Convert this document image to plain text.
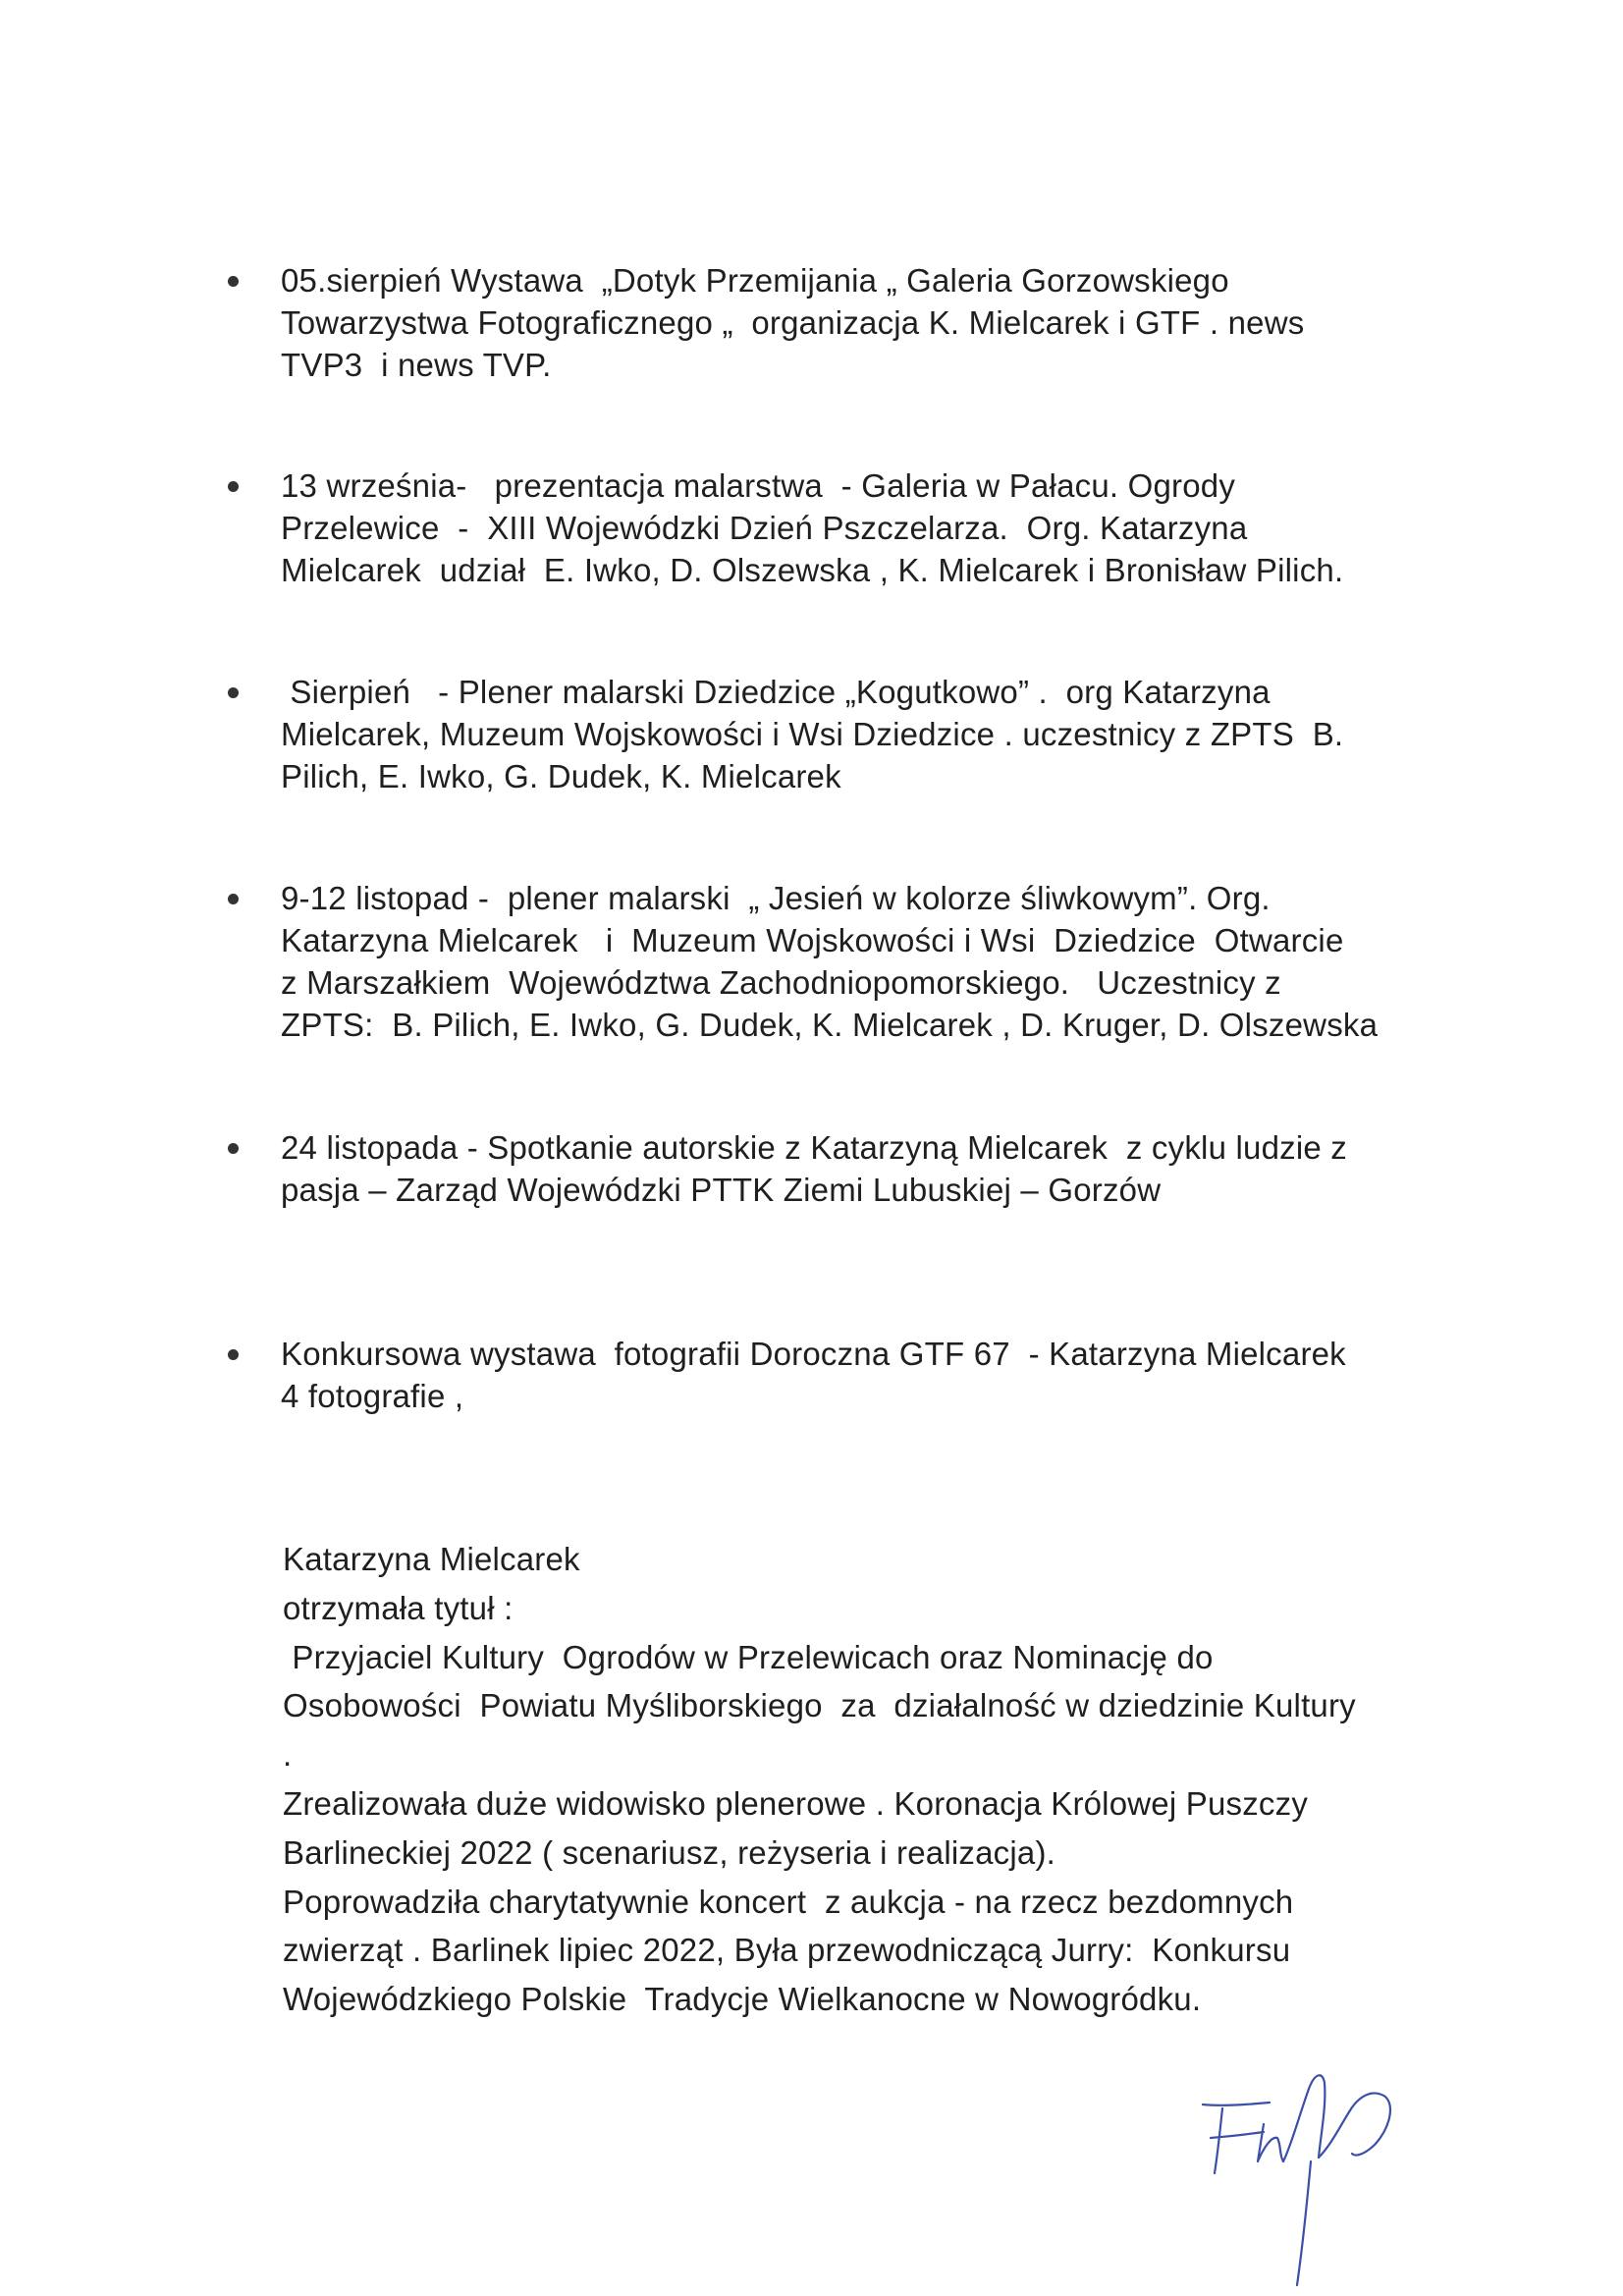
05.sierpień Wystawa  „Dotyk Przemijania „ Galeria Gorzowskiego
Towarzystwa Fotograficznego „  organizacja K. Mielcarek i GTF . news
TVP3  i news TVP.
13 września-   prezentacja malarstwa  - Galeria w Pałacu. Ogrody
Przelewice  -  XIII Wojewódzki Dzień Pszczelarza.  Org. Katarzyna
Mielcarek  udział  E. Iwko, D. Olszewska , K. Mielcarek i Bronisław Pilich.
Sierpień   - Plener malarski Dziedzice „Kogutkowo” .  org Katarzyna
Mielcarek, Muzeum Wojskowości i Wsi Dziedzice . uczestnicy z ZPTS  B.
Pilich, E. Iwko, G. Dudek, K. Mielcarek
9-12 listopad -  plener malarski  „ Jesień w kolorze śliwkowym”. Org.
Katarzyna Mielcarek   i  Muzeum Wojskowości i Wsi  Dziedzice  Otwarcie
z Marszałkiem  Województwa Zachodniopomorskiego.   Uczestnicy z
ZPTS:  B. Pilich, E. Iwko, G. Dudek, K. Mielcarek , D. Kruger, D. Olszewska
24 listopada - Spotkanie autorskie z Katarzyną Mielcarek  z cyklu ludzie z
pasja – Zarząd Wojewódzki PTTK Ziemi Lubuskiej – Gorzów
Konkursowa wystawa  fotografii Doroczna GTF 67  - Katarzyna Mielcarek
4 fotografie ,
Katarzyna Mielcarek
otrzymała tytuł :
Przyjaciel Kultury  Ogrodów w Przelewicach oraz Nominację do
Osobowości  Powiatu Myśliborskiego  za  działalność w dziedzinie Kultury
.
Zrealizowała duże widowisko plenerowe . Koronacja Królowej Puszczy
Barlineckiej 2022 ( scenariusz, reżyseria i realizacja).
Poprowadziła charytatywnie koncert  z aukcja - na rzecz bezdomnych
zwierząt . Barlinek lipiec 2022, Była przewodniczącą Jurry:  Konkursu
Wojewódzkiego Polskie  Tradycje Wielkanocne w Nowogródku.
